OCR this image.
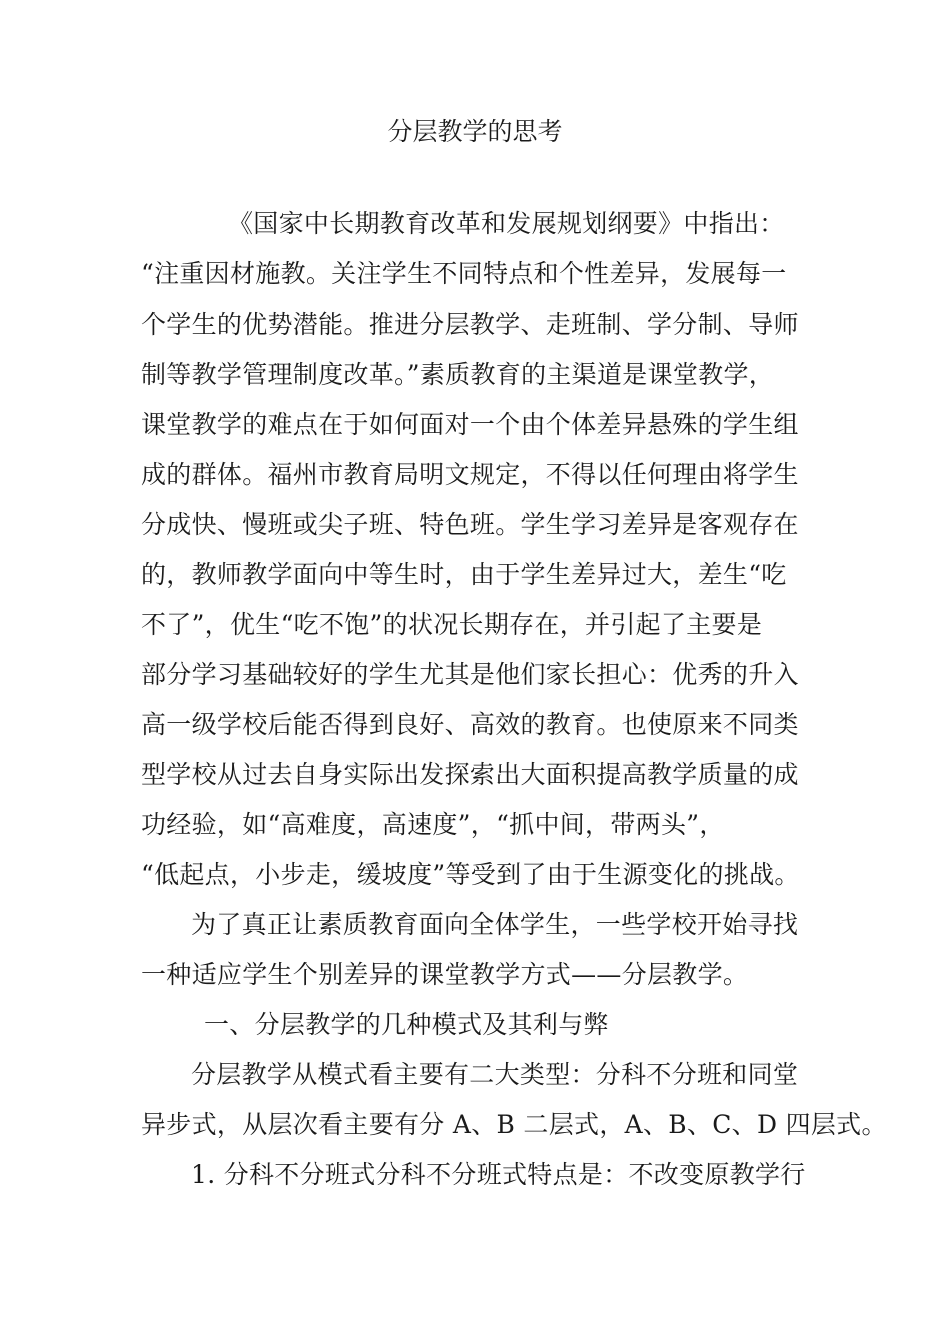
分层教学的思考
《国家中长期教育改革和发展规划纲要》中指出：
“注重因材施教。关注学生不同特点和个性差异，发展每一
个学生的优势潜能。推进分层教学、走班制、学分制、导师
制等教学管理制度改革。”素质教育的主渠道是课堂教学，
课堂教学的难点在于如何面对一个由个体差异悬殊的学生组
成的群体。福州市教育局明文规定，不得以任何理由将学生
分成快、慢班或尖子班、特色班。学生学习差异是客观存在
的，教师教学面向中等生时，由于学生差异过大，差生“吃
不了”，优生“吃不饱”的状况长期存在，并引起了主要是
部分学习基础较好的学生尤其是他们家长担心：优秀的升入
高一级学校后能否得到良好、高效的教育。也使原来不同类
型学校从过去自身实际出发探索出大面积提高教学质量的成
功经验，如“高难度，高速度”，“抓中间，带两头”，
“低起点，小步走，缓坡度”等受到了由于生源变化的挑战。
为了真正让素质教育面向全体学生，一些学校开始寻找
一种适应学生个别差异的课堂教学方式——分层教学。
一、分层教学的几种模式及其利与弊
分层教学从模式看主要有二大类型：分科不分班和同堂
异步式，从层次看主要有分 A、B 二层式，A、B、C、D 四层式。
1. 分科不分班式分科不分班式特点是：不改变原教学行
